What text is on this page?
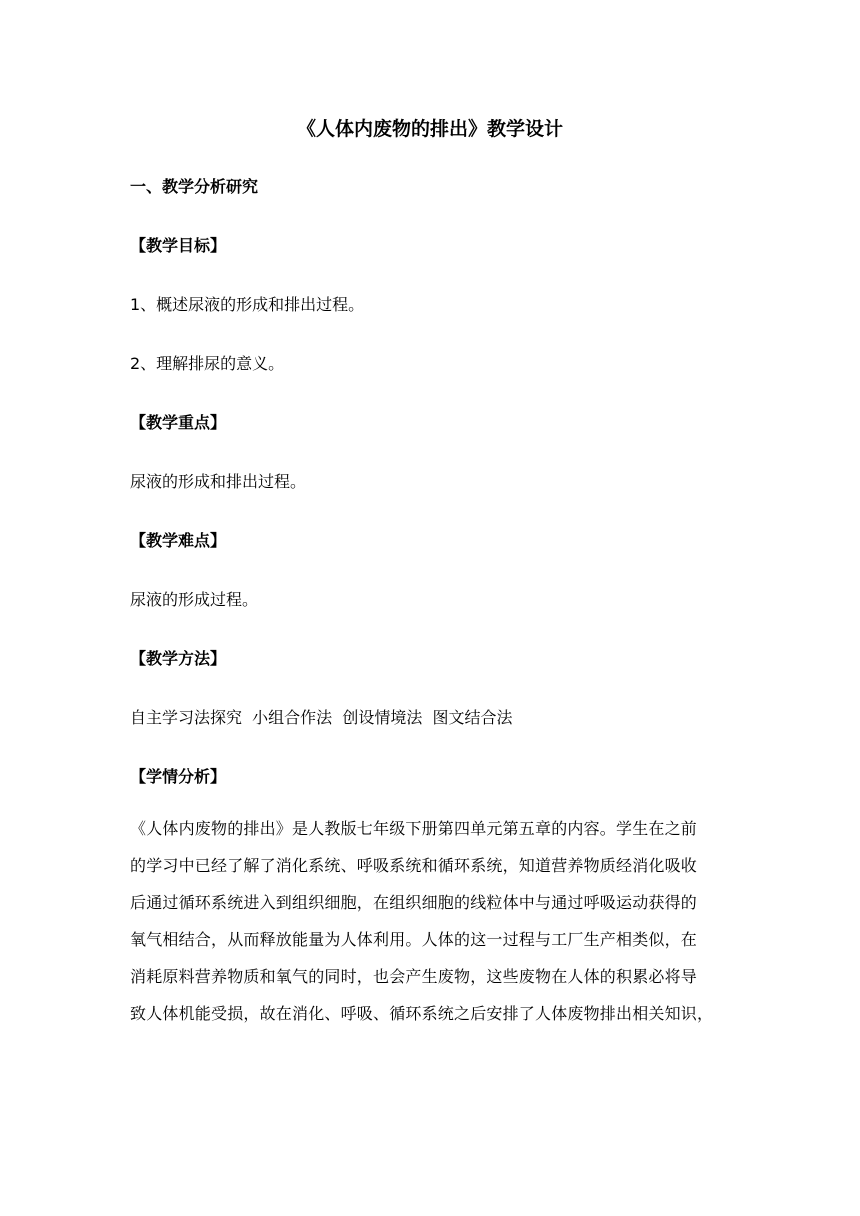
《人体内废物的排出》教学设计

一、教学分析研究

【教学目标】

1、概述尿液的形成和排出过程。

2、理解排尿的意义。

【教学重点】

尿液的形成和排出过程。

【教学难点】

尿液的形成过程。

【教学方法】

自主学习法探究  小组合作法  创设情境法  图文结合法

【学情分析】

《人体内废物的排出》是人教版七年级下册第四单元第五章的内容。学生在之前
的学习中已经了解了消化系统、呼吸系统和循环系统，知道营养物质经消化吸收
后通过循环系统进入到组织细胞，在组织细胞的线粒体中与通过呼吸运动获得的
氧气相结合，从而释放能量为人体利用。人体的这一过程与工厂生产相类似，在
消耗原料营养物质和氧气的同时，也会产生废物，这些废物在人体的积累必将导
致人体机能受损，故在消化、呼吸、循环系统之后安排了人体废物排出相关知识，
